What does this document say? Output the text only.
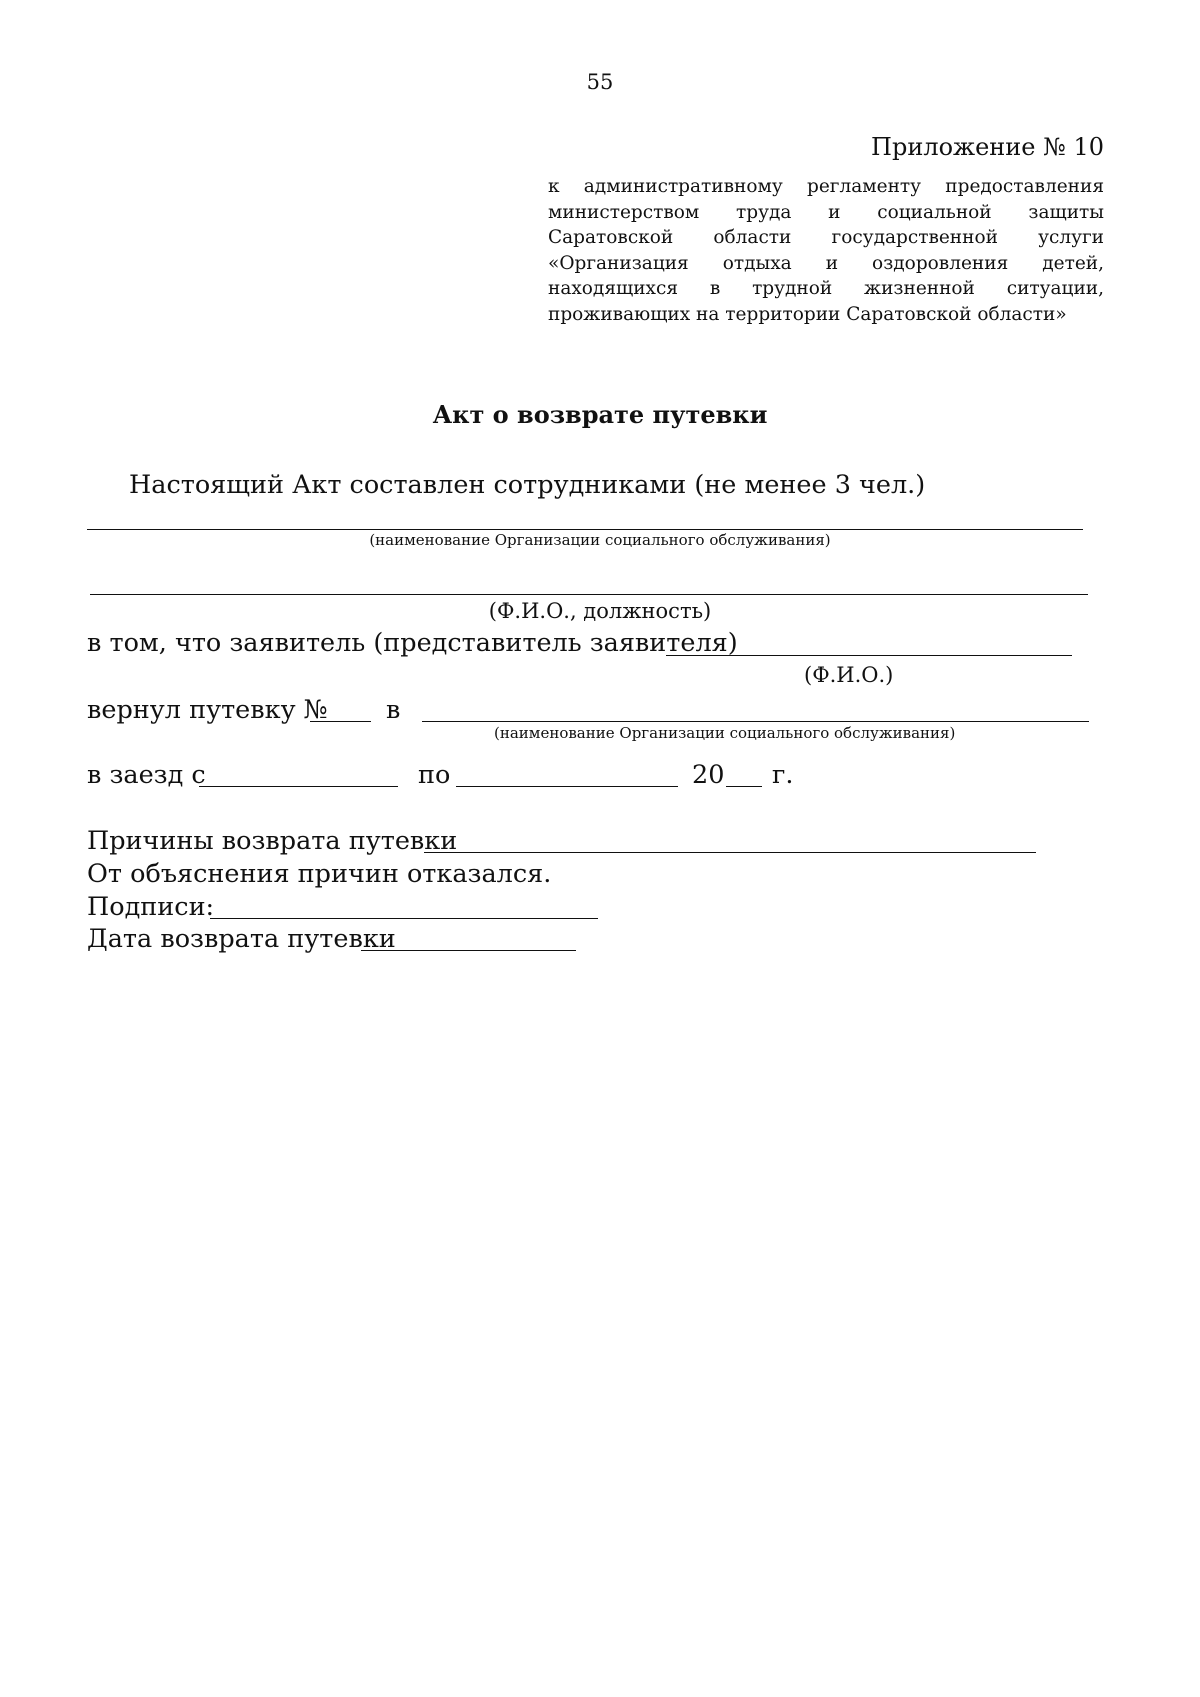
55
Приложение № 10
к административному регламенту предоставления министерством труда и социальной защиты Саратовской области государственной услуги «Организация отдыха и оздоровления детей, находящихся в трудной жизненной ситуации, проживающих на территории Саратовской области»
Акт о возврате путевки
Настоящий Акт составлен сотрудниками (не менее 3 чел.)
(наименование Организации социального обслуживания)
(Ф.И.О., должность)
в том, что заявитель (представитель заявителя)
(Ф.И.О.)
вернул путевку № в
(наименование Организации социального обслуживания)
в заезд с	по	20 г.
Причины возврата путевки
От объяснения причин отказался.
Подписи:
Дата возврата путевки
